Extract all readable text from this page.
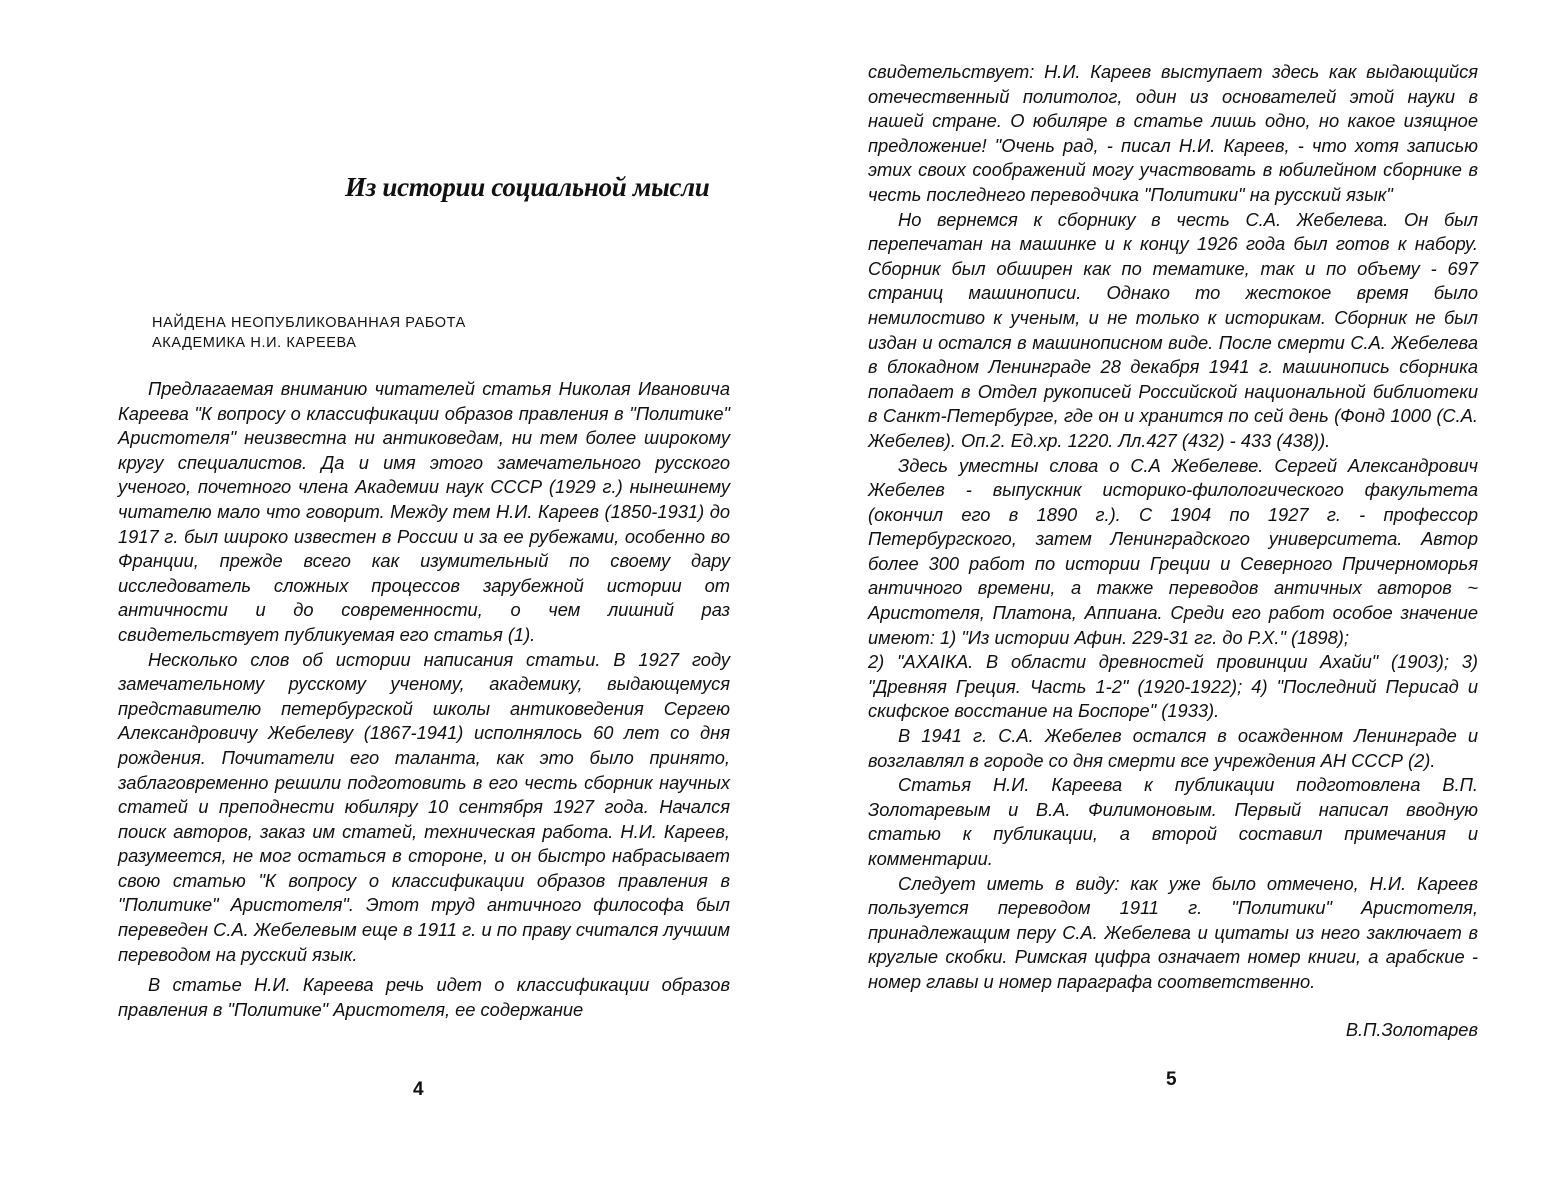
Из истории социальной мысли
НАЙДЕНА НЕОПУБЛИКОВАННАЯ РАБОТА
АКАДЕМИКА Н.И. КАРЕЕВА

Предлагаемая вниманию читателей статья Николая Ивановича Кареева "К вопросу о классификации образов правления в "Политике" Аристотеля" неизвестна ни антиковедам, ни тем более широкому кругу специалистов. Да и имя этого замечательного русского ученого, почетного члена Академии наук СССР (1929 г.) нынешнему читателю мало что говорит. Между тем Н.И. Кареев (1850-1931) до 1917 г. был широко известен в России и за ее рубежами, особенно во Франции, прежде всего как изумительный по своему дару исследователь сложных процессов зарубежной истории от античности и до современности, о чем лишний раз свидетельствует публикуемая его статья (1).

Несколько слов об истории написания статьи. В 1927 году замечательному русскому ученому, академику, выдающемуся представителю петербургской школы антиковедения Сергею Александровичу Жебелеву (1867-1941) исполнялось 60 лет со дня рождения. Почитатели его таланта, как это было принято, заблаговременно решили подготовить в его честь сборник научных статей и преподнести юбиляру 10 сентября 1927 года. Начался поиск авторов, заказ им статей, техническая работа. Н.И. Кареев, разумеется, не мог остаться в стороне, и он быстро набрасывает свою статью "К вопросу о классификации образов правления в "Политике" Аристотеля". Этот труд античного философа был переведен С.А. Жебелевым еще в 1911 г. и по праву считался лучшим переводом на русский язык.

В статье Н.И. Кареева речь идет о классификации образов правления в "Политике" Аристотеля, ее содержание

4

свидетельствует: Н.И. Кареев выступает здесь как выдающийся отечественный политолог, один из основателей этой науки в нашей стране. О юбиляре в статье лишь одно, но какое изящное предложение! "Очень рад, - писал Н.И. Кареев, - что хотя записью этих своих соображений могу участвовать в юбилейном сборнике в честь последнего переводчика "Политики" на русский язык"

Но вернемся к сборнику в честь С.А. Жебелева. Он был перепечатан на машинке и к концу 1926 года был готов к набору. Сборник был обширен как по тематике, так и по объему - 697 страниц машинописи. Однако то жестокое время было немилостиво к ученым, и не только к историкам. Сборник не был издан и остался в машинописном виде. После смерти С.А. Жебелева в блокадном Ленинграде 28 декабря 1941 г. машинопись сборника попадает в Отдел рукописей Российской национальной библиотеки в Санкт-Петербурге, где он и хранится по сей день (Фонд 1000 (С.А. Жебелев). Оп.2. Ед.хр. 1220. Лл.427 (432) - 433 (438)).

Здесь уместны слова о С.А Жебелеве. Сергей Александрович Жебелев - выпускник историко-филологического факультета (окончил его в 1890 г.). С 1904 по 1927 г. - профессор Петербургского, затем Ленинградского университета. Автор более 300 работ по истории Греции и Северного Причерноморья античного времени, а также переводов античных авторов ~ Аристотеля, Платона, Аппиана. Среди его работ особое значение имеют: 1) "Из истории Афин. 229-31 гг. до Р.Х." (1898);

2) "АХАIКА. В области древностей провинции Ахайи" (1903); 3) "Древняя Греция. Часть 1-2" (1920-1922); 4) "Последний Перисад и скифское восстание на Боспоре" (1933).

В 1941 г. С.А. Жебелев остался в осажденном Ленинграде и возглавлял в городе со дня смерти все учреждения АН СССР (2).

Статья Н.И. Кареева к публикации подготовлена В.П. Золотаревым и В.А. Филимоновым. Первый написал вводную статью к публикации, а второй составил примечания и комментарии.

Следует иметь в виду: как уже было отмечено, Н.И. Кареев пользуется переводом 1911 г. "Политики" Аристотеля, принадлежащим перу С.А. Жебелева и цитаты из него заключает в круглые скобки. Римская цифра означает номер книги, а арабские - номер главы и номер параграфа соответственно.

В.П.Золотарев
5
